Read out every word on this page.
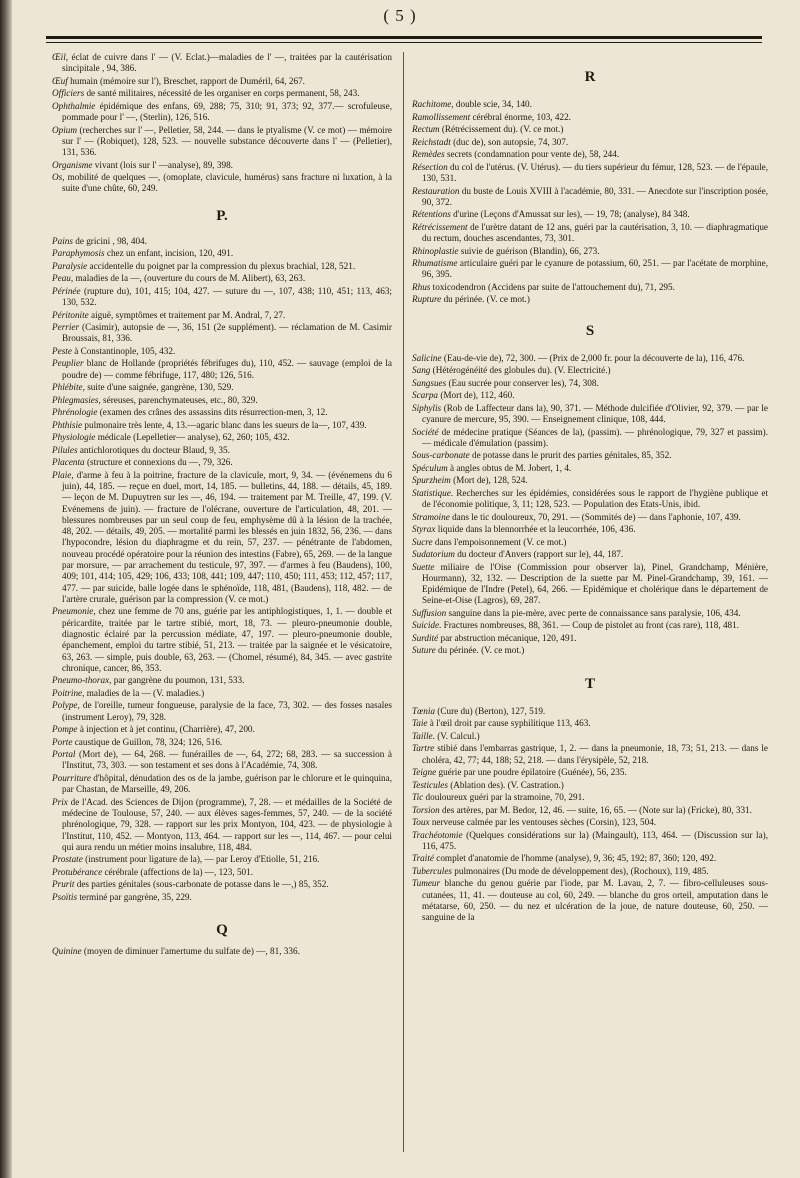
( 5 )

Œil, éclat de cuivre dans l' — (V. Eclat.)—maladies de l' —, traitées par la cautérisation sincipitale , 94, 386.

Œuf humain (mémoire sur l'), Breschet, rapport de Duméril, 64, 267.

Officiers de santé militaires, nécessité de les organiser en corps permanent, 58, 243.

Ophthalmie épidémique des enfans, 69, 288; 75, 310; 91, 373; 92, 377.— scrofuleuse, pommade pour l' —, (Sterlin), 126, 516.

Opium (recherches sur l' —, Pelletier, 58, 244. — dans le ptyalisme (V. ce mot) — mémoire sur l' — (Robiquet), 128, 523. — nouvelle substance découverte dans l' — (Pelletier), 131, 536.

Organisme vivant (lois sur l' —analyse), 89, 398.

Os, mobilité de quelques —, (omoplate, clavicule, humérus) sans fracture ni luxation, à la suite d'une chûte, 60, 249.

P.

Pains de gricini , 98, 404.

Paraphymosis chez un enfant, incision, 120, 491.

Paralysie accidentelle du poignet par la compression du plexus brachial, 128, 521.

Peau, maladies de la —, (ouverture du cours de M. Alibert), 63, 263.

Périnée (rupture du), 101, 415; 104, 427. — suture du —, 107, 438; 110, 451; 113, 463; 130, 532.

Péritonite aiguë, symptômes et traitement par M. Andral, 7, 27.

Perrier (Casimir), autopsie de —, 36, 151 (2e supplément). — réclamation de M. Casimir Broussais, 81, 336.

Peste à Constantinople, 105, 432.

Peuplier blanc de Hollande (propriétés fébrifuges du), 110, 452. — sauvage (emploi de la poudre de) — comme fébrifuge, 117, 480; 126, 516.

Phlébite, suite d'une saignée, gangrène, 130, 529.

Phlegmasies, séreuses, parenchymateuses, etc., 80, 329.

Phrénologie (examen des crânes des assassins dits résurrection-men, 3, 12.

Phthisie pulmonaire très lente, 4, 13.—agaric blanc dans les sueurs de la—, 107, 439.

Physiologie médicale (Lepelletier— analyse), 62, 260; 105, 432.

Pilules antichlorotiques du docteur Blaud, 9, 35.

Placenta (structure et connexions du —, 79, 326.

Plaie, d'arme à feu à la poitrine, fracture de la clavicule, mort, 9, 34. — (événemens du 6 juin), 44, 185. — reçue en duel, mort, 14, 185. — bulletins, 44, 188. — détails, 45, 189. — leçon de M. Dupuytren sur les —, 46, 194. — traitement par M. Treille, 47, 199. (V. Evénemens de juin). — fracture de l'olécrane, ouverture de l'articulation, 48, 201. — blessures nombreuses par un seul coup de feu, emphysème dû à la lésion de la trachée, 48, 202. — détails, 49, 205. — mortalité parmi les blessés en juin 1832, 56, 236. — dans l'hypocondre, lésion du diaphragme et du rein, 57, 237. — pénétrante de l'abdomen, nouveau procédé opératoire pour la réunion des intestins (Fabre), 65, 269. — de la langue par morsure, — par arrachement du testicule, 97, 397. — d'armes à feu (Baudens), 100, 409; 101, 414; 105, 429; 106, 433; 108, 441; 109, 447; 110, 450; 111, 453; 112, 457; 117, 477. — par suicide, balle logée dans le sphénoïde, 118, 481, (Baudens), 118, 482. — de l'artère crurale, guérison par la compression (V. ce mot.)

Pneumonie, chez une femme de 70 ans, guérie par les antiphlogistiques, 1, 1. — double et péricardite, traitée par le tartre stibié, mort, 18, 73. — pleuro-pneumonie double, diagnostic éclairé par la percussion médiate, 47, 197. — pleuro-pneumonie double, épanchement, emploi du tartre stibié, 51, 213. — traitée par la saignée et le vésicatoire, 63, 263. — simple, puis double, 63, 263. — (Chomel, résumé), 84, 345. — avec gastrite chronique, cancer, 86, 353.

Pneumo-thorax, par gangrène du poumon, 131, 533.

Poitrine, maladies de la — (V. maladies.)

Polype, de l'oreille, tumeur fongueuse, paralysie de la face, 73, 302. — des fosses nasales (instrument Leroy), 79, 328.

Pompe à injection et à jet continu, (Charrière), 47, 200.

Porte caustique de Guillon, 78, 324; 126, 516.

Portal (Mort de), — 64, 268. — funérailles de —, 64, 272; 68, 283. — sa succession à l'Institut, 73, 303. — son testament et ses dons à l'Académie, 74, 308.

Pourriture d'hôpital, dénudation des os de la jambe, guérison par le chlorure et le quinquina, par Chastan, de Marseille, 49, 206.

Prix de l'Acad. des Sciences de Dijon (programme), 7, 28. — et médailles de la Société de médecine de Toulouse, 57, 240. — aux élèves sages-femmes, 57, 240. — de la société phrénologique, 79, 328. — rapport sur les prix Montyon, 104, 423. — de physiologie à l'Institut, 110, 452. — Montyon, 113, 464. — rapport sur les —, 114, 467. — pour celui qui aura rendu un métier moins insalubre, 118, 484.

Prostate (instrument pour ligature de la), — par Leroy d'Etiolle, 51, 216.

Protubérance cérébrale (affections de la) —, 123, 501.

Prurit des parties génitales (sous-carbonate de potasse dans le —,) 85, 352.

Psoïtis terminé par gangrène, 35, 229.

Q

Quinine (moyen de diminuer l'amertume du sulfate de) —, 81, 336.

R

Rachitome, double scie, 34, 140.

Ramollissement cérébral énorme, 103, 422.

Rectum (Rétrécissement du). (V. ce mot.)

Reichstadt (duc de), son autopsie, 74, 307.

Remèdes secrets (condamnation pour vente de), 58, 244.

Résection du col de l'utérus. (V. Utérus). — du tiers supérieur du fémur, 128, 523. — de l'épaule, 130, 531.

Restauration du buste de Louis XVIII à l'académie, 80, 331. — Anecdote sur l'inscription posée, 90, 372.

Rétentions d'urine (Leçons d'Amussat sur les), — 19, 78; (analyse), 84 348.

Rétrécissement de l'urètre datant de 12 ans, guéri par la cautérisation, 3, 10. — diaphragmatique du rectum, douches ascendantes, 73, 301.

Rhinoplastie suivie de guérison (Blandin), 66, 273.

Rhumatisme articulaire guéri par le cyanure de potassium, 60, 251. — par l'acétate de morphine, 96, 395.

Rhus toxicodendron (Accidens par suite de l'attouchement du), 71, 295.

Rupture du périnée. (V. ce mot.)

S

Salicine (Eau-de-vie de), 72, 300. — (Prix de 2,000 fr. pour la découverte de la), 116, 476.

Sang (Hétérogénéité des globules du). (V. Electricité.)

Sangsues (Eau sucrée pour conserver les), 74, 308.

Scarpa (Mort de), 112, 460.

Siphylis (Rob de Laffecteur dans la), 90, 371. — Méthode dulcifiée d'Olivier, 92, 379. — par le cyanure de mercure, 95, 390. — Enseignement clinique, 108, 444.

Société de médecine pratique (Séances de la), (passim). — phrénologique, 79, 327 et passim). — médicale d'émulation (passim).

Sous-carbonate de potasse dans le prurit des parties génitales, 85, 352.

Spéculum à angles obtus de M. Jobert, 1, 4.

Spurzheim (Mort de), 128, 524.

Statistique. Recherches sur les épidémies, considérées sous le rapport de l'hygiène publique et de l'économie politique, 3, 11; 128, 523. — Population des Etats-Unis, ibid.

Stramoine dans le tic douloureux, 70, 291. — (Sommités de) — dans l'aphonie, 107, 439.

Styrax liquide dans la blennorrhée et la leucorrhée, 106, 436.

Sucre dans l'empoisonnement (V. ce mot.)

Sudatorium du docteur d'Anvers (rapport sur le), 44, 187.

Suette miliaire de l'Oise (Commission pour observer la), Pinel, Grandchamp, Ménière, Hourmann), 32, 132. — Description de la suette par M. Pinel-Grandchamp, 39, 161. — Epidémique de l'Indre (Petel), 64, 266. — Epidémique et cholérique dans le département de Seine-et-Oise (Lagros), 69, 287.

Suffusion sanguine dans la pie-mère, avec perte de connaissance sans paralysie, 106, 434.

Suicide. Fractures nombreuses, 88, 361. — Coup de pistolet au front (cas rare), 118, 481.

Surdité par abstruction mécanique, 120, 491.

Suture du périnée. (V. ce mot.)

T

Tœnia (Cure du) (Berton), 127, 519.

Taie à l'œil droit par cause syphilitique 113, 463.

Taille. (V. Calcul.)

Tartre stibié dans l'embarras gastrique, 1, 2. — dans la pneumonie, 18, 73; 51, 213. — dans le choléra, 42, 77; 44, 188; 52, 218. — dans l'érysipèle, 52, 218.

Teigne guérie par une poudre épilatoire (Guénée), 56, 235.

Testicules (Ablation des). (V. Castration.)

Tic douloureux guéri par la stramoine, 70, 291.

Torsion des artères, par M. Bedor, 12, 46. — suite, 16, 65. — (Note sur la) (Fricke), 80, 331.

Toux nerveuse calmée par les ventouses sèches (Corsin), 123, 504.

Trachéotomie (Quelques considérations sur la) (Maingault), 113, 464. — (Discussion sur la), 116, 475.

Traité complet d'anatomie de l'homme (analyse), 9, 36; 45, 192; 87, 360; 120, 492.

Tubercules pulmonaires (Du mode de développement des), (Rochoux), 119, 485.

Tumeur blanche du genou guérie par l'iode, par M. Lavau, 2, 7. — fibro-celluleuses sous-cutanées, 11, 41. — douteuse au col, 60, 249. — blanche du gros orteil, amputation dans le métatarse, 60, 250. — du nez et ulcération de la joue, de nature douteuse, 60, 250. — sanguine de la
